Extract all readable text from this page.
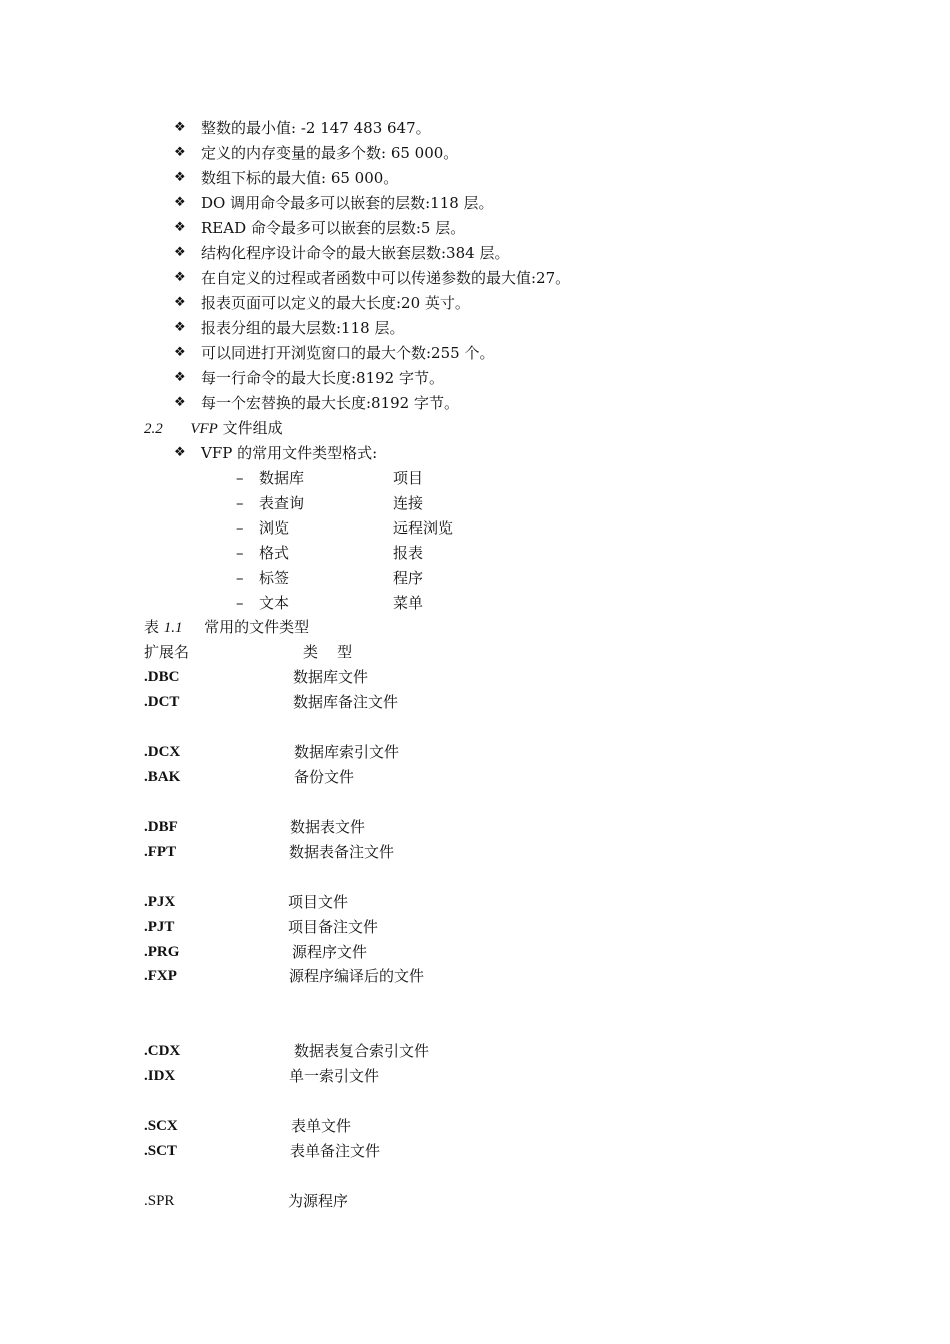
❖ 整数的最小值: -2 147 483 647。
❖ 定义的内存变量的最多个数: 65 000。
❖ 数组下标的最大值: 65 000。
❖ DO 调用命令最多可以嵌套的层数:118 层。
❖ READ 命令最多可以嵌套的层数:5 层。
❖ 结构化程序设计命令的最大嵌套层数:384 层。
❖ 在自定义的过程或者函数中可以传递参数的最大值:27。
❖ 报表页面可以定义的最大长度:20 英寸。
❖ 报表分组的最大层数:118 层。
❖ 可以同进打开浏览窗口的最大个数:255 个。
❖ 每一行命令的最大长度:8192 字节。
❖ 每一个宏替换的最大长度:8192 字节。
2.2 VFP 文件组成
❖ VFP 的常用文件类型格式:
– 数据库	项目
– 表查询	连接
– 浏览	远程浏览
– 格式	报表
– 标签	程序
– 文本	菜单
表 1.1 常用的文件类型
扩展名	类    型
.DBC	数据库文件
.DCT	数据库备注文件
.DCX	数据库索引文件
.BAK	备份文件
.DBF	数据表文件
.FPT	数据表备注文件
.PJX	项目文件
.PJT	项目备注文件
.PRG	源程序文件
.FXP	源程序编译后的文件
.CDX	数据表复合索引文件
.IDX	单一索引文件
.SCX	表单文件
.SCT	表单备注文件
.SPR	为源程序
